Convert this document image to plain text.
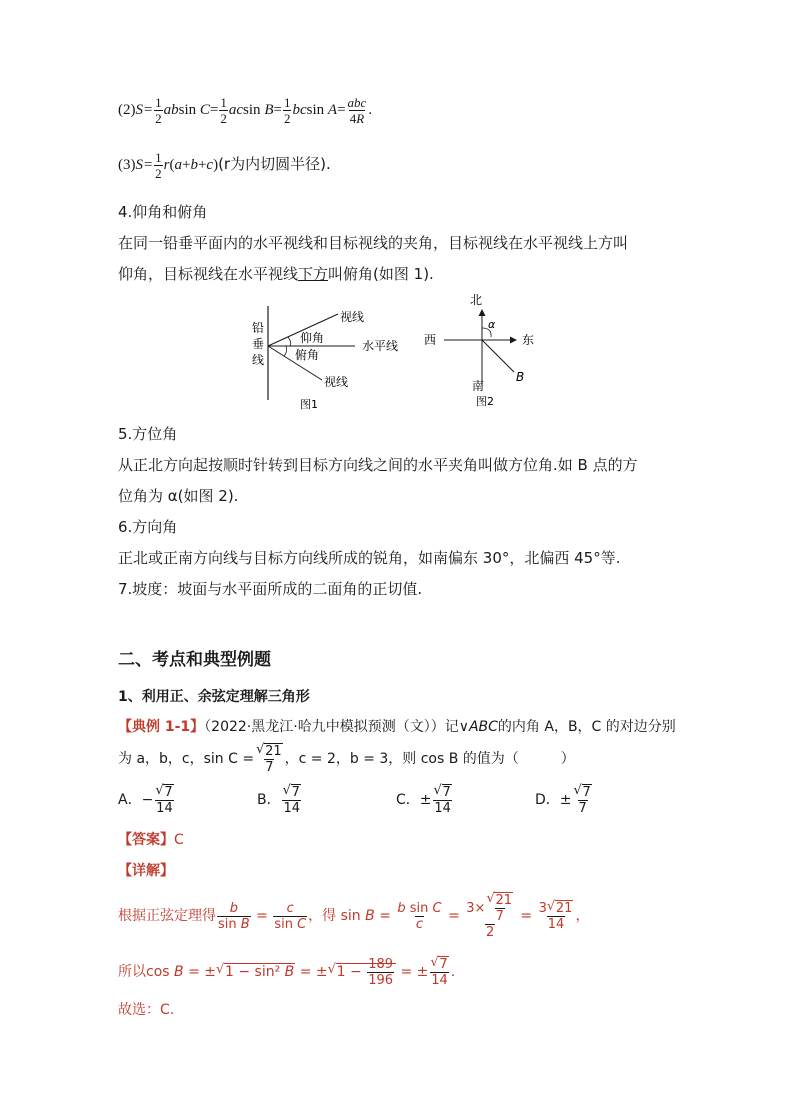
$(2)S= \frac{1}{2}$ absin $C= \frac{1}{2}$ acsin $B= \frac{1}{2}$ bcsin $A= \frac{\text{abc}}{4R}$ .
$(3)S= \frac{1}{2} r(a+b+c)(r$为内切圆半径).
4.仰角和俯角
在同一铅垂平面内的水平视线和目标视线的夹角，目标视线在水平视线上方叫
仰角，目标视线在水平视线下方叫俯角(如图 1).
铅
垂
线
视线
仰角
水平线
俯角
视线
图1
北
西	东
南
α
B
图2
5.方位角
从正北方向起按顺时针转到目标方向线之间的水平夹角叫做方位角.如 B 点的方
位角为 α(如图 2).
6.方向角
正北或正南方向线与目标方向线所成的锐角，如南偏东 30°，北偏西 45°等.
7.坡度：坡面与水平面所成的二面角的正切值.
二、考点和典型例题
1、利用正、余弦定理解三角形
【典例 1-1】（2022·黑龙江·哈九中模拟预测（文））记∨ABC的内角 A，B，C 的对边分别
为 a，b，c，sin C =
√ $\frac{21}{7}$ ，c = 2，b = 3，则 cos B 的值为（　　　）
A．−
√ $\frac{7}{14}$	B．
√ $\frac{7}{14}$	C．±
√ $\frac{7}{14}$	D．±
√ $\frac{7}{7}$
【答案】C
【详解】
根据正弦定理得 $\frac{b}{\text{sin B}} = \frac{c}{\text{sin C}}$ ，得 $\sin B = \frac{\text{b sin C}}{c} = 3\times$
√ $\frac{21}{7}$
$2 = \frac{3√ 21}{14}$ ，
所以cos B = ±√ 1 − sin² B = ±√ $1 - \frac{189}{196}$ = ±
√ $\frac{7}{14}$ .
故选：C.
